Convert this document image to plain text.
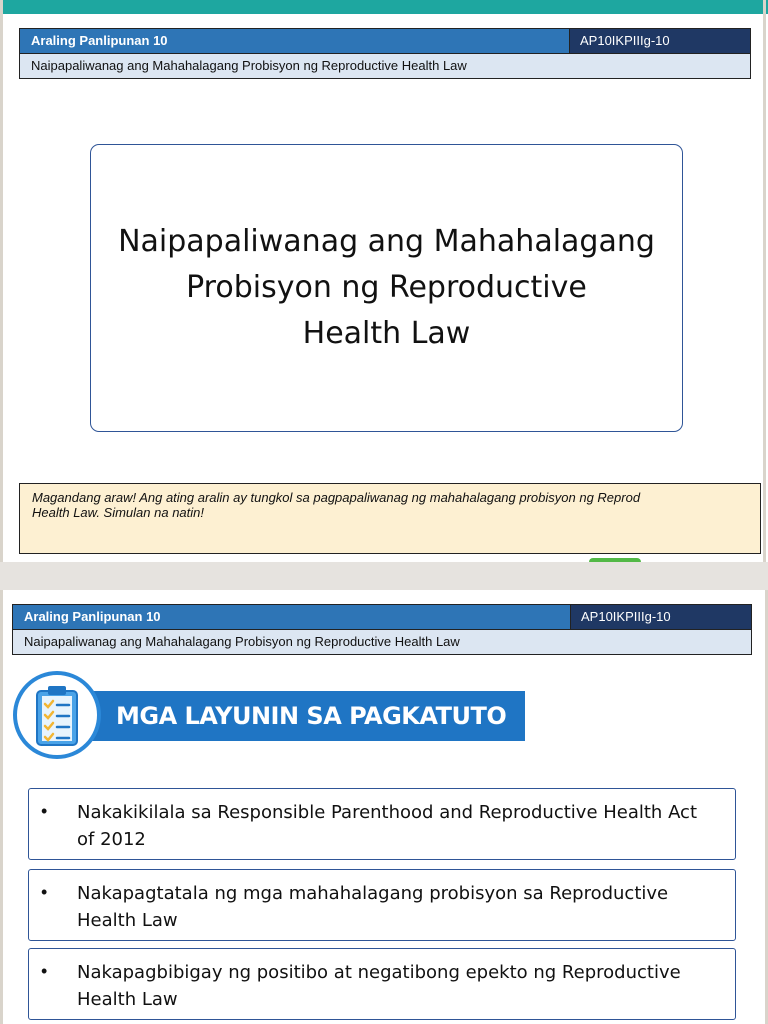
Araling Panlipunan 10	AP10IKPIIIg-10
Naipapaliwanag ang Mahahalagang Probisyon ng Reproductive Health Law
Naipapaliwanag ang Mahahalagang
Probisyon ng Reproductive
Health Law
Magandang araw! Ang ating aralin ay tungkol sa pagpapaliwanag ng mahahalagang probisyon ng Reprod
Health Law. Simulan na natin!
Araling Panlipunan 10	AP10IKPIIIg-10
Naipapaliwanag ang Mahahalagang Probisyon ng Reproductive Health Law
MGA LAYUNIN SA PAGKATUTO
• Nakakikilala sa Responsible Parenthood and Reproductive Health Act of 2012
• Nakapagtatala ng mga mahahalagang probisyon sa Reproductive Health Law
• Nakapagbibigay ng positibo at negatibong epekto ng Reproductive Health Law
